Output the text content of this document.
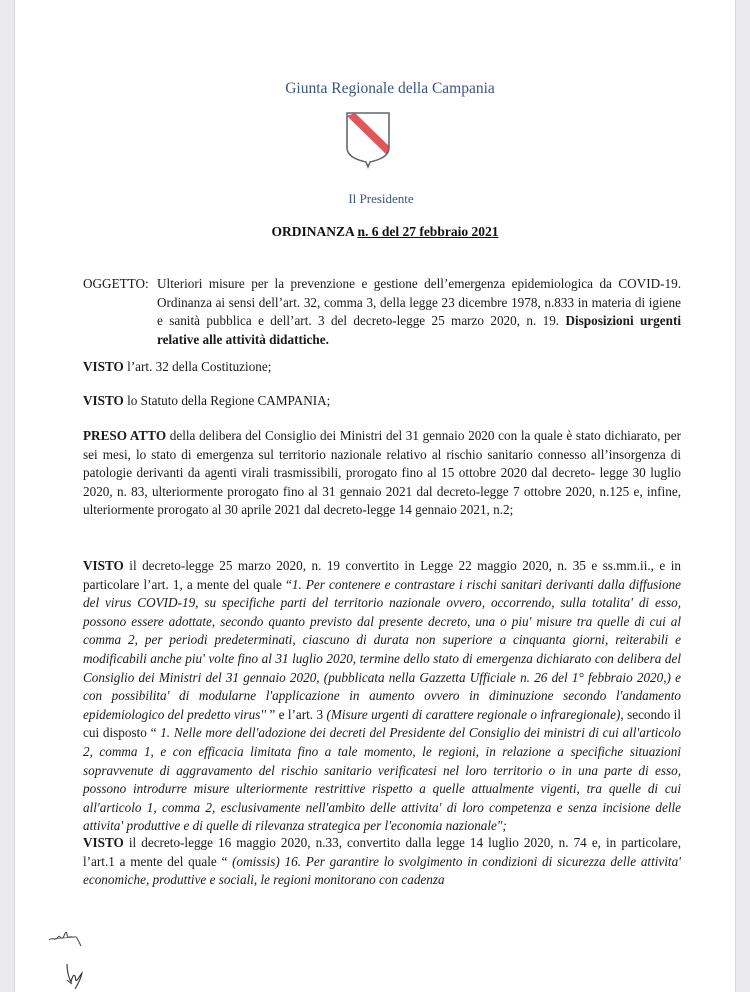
Giunta Regionale della Campania
Il Presidente
ORDINANZA n. 6 del 27 febbraio 2021
OGGETTO: Ulteriori misure per la prevenzione e gestione dell’emergenza epidemiologica da COVID-19. Ordinanza ai sensi dell’art. 32, comma 3, della legge 23 dicembre 1978, n.833 in materia di igiene e sanità pubblica e dell’art. 3 del decreto-legge 25 marzo 2020, n. 19. Disposizioni urgenti relative alle attività didattiche.
VISTO l’art. 32 della Costituzione;
VISTO lo Statuto della Regione CAMPANIA;
PRESO ATTO della delibera del Consiglio dei Ministri del 31 gennaio 2020 con la quale è stato dichiarato, per sei mesi, lo stato di emergenza sul territorio nazionale relativo al rischio sanitario connesso all’insorgenza di patologie derivanti da agenti virali trasmissibili, prorogato fino al 15 ottobre 2020 dal decreto- legge 30 luglio 2020, n. 83, ulteriormente prorogato fino al 31 gennaio 2021 dal decreto-legge 7 ottobre 2020, n.125 e, infine, ulteriormente prorogato al 30 aprile 2021 dal decreto-legge 14 gennaio 2021, n.2;
VISTO il decreto-legge 25 marzo 2020, n. 19 convertito in Legge 22 maggio 2020, n. 35 e ss.mm.ii., e in particolare l’art. 1, a mente del quale “1. Per contenere e contrastare i rischi sanitari derivanti dalla diffusione del virus COVID-19, su specifiche parti del territorio nazionale ovvero, occorrendo, sulla totalita' di esso, possono essere adottate, secondo quanto previsto dal presente decreto, una o piu' misure tra quelle di cui al comma 2, per periodi predeterminati, ciascuno di durata non superiore a cinquanta giorni, reiterabili e modificabili anche piu' volte fino al 31 luglio 2020, termine dello stato di emergenza dichiarato con delibera del Consiglio dei Ministri del 31 gennaio 2020, (pubblicata nella Gazzetta Ufficiale n. 26 del 1° febbraio 2020,) e con possibilita' di modularne l'applicazione in aumento ovvero in diminuzione secondo l'andamento epidemiologico del predetto virus'' ” e l’art. 3 (Misure urgenti di carattere regionale o infraregionale), secondo il cui disposto “ 1. Nelle more dell'adozione dei decreti del Presidente del Consiglio dei ministri di cui all'articolo 2, comma 1, e con efficacia limitata fino a tale momento, le regioni, in relazione a specifiche situazioni sopravvenute di aggravamento del rischio sanitario verificatesi nel loro territorio o in una parte di esso, possono introdurre misure ulteriormente restrittive rispetto a quelle attualmente vigenti, tra quelle di cui all'articolo 1, comma 2, esclusivamente nell'ambito delle attivita' di loro competenza e senza incisione delle attivita' produttive e di quelle di rilevanza strategica per l'economia nazionale";
VISTO il decreto-legge 16 maggio 2020, n.33, convertito dalla legge 14 luglio 2020, n. 74 e, in particolare, l’art.1 a mente del quale “ (omissis) 16. Per garantire lo svolgimento in condizioni di sicurezza delle attivita' economiche, produttive e sociali, le regioni monitorano con cadenza
